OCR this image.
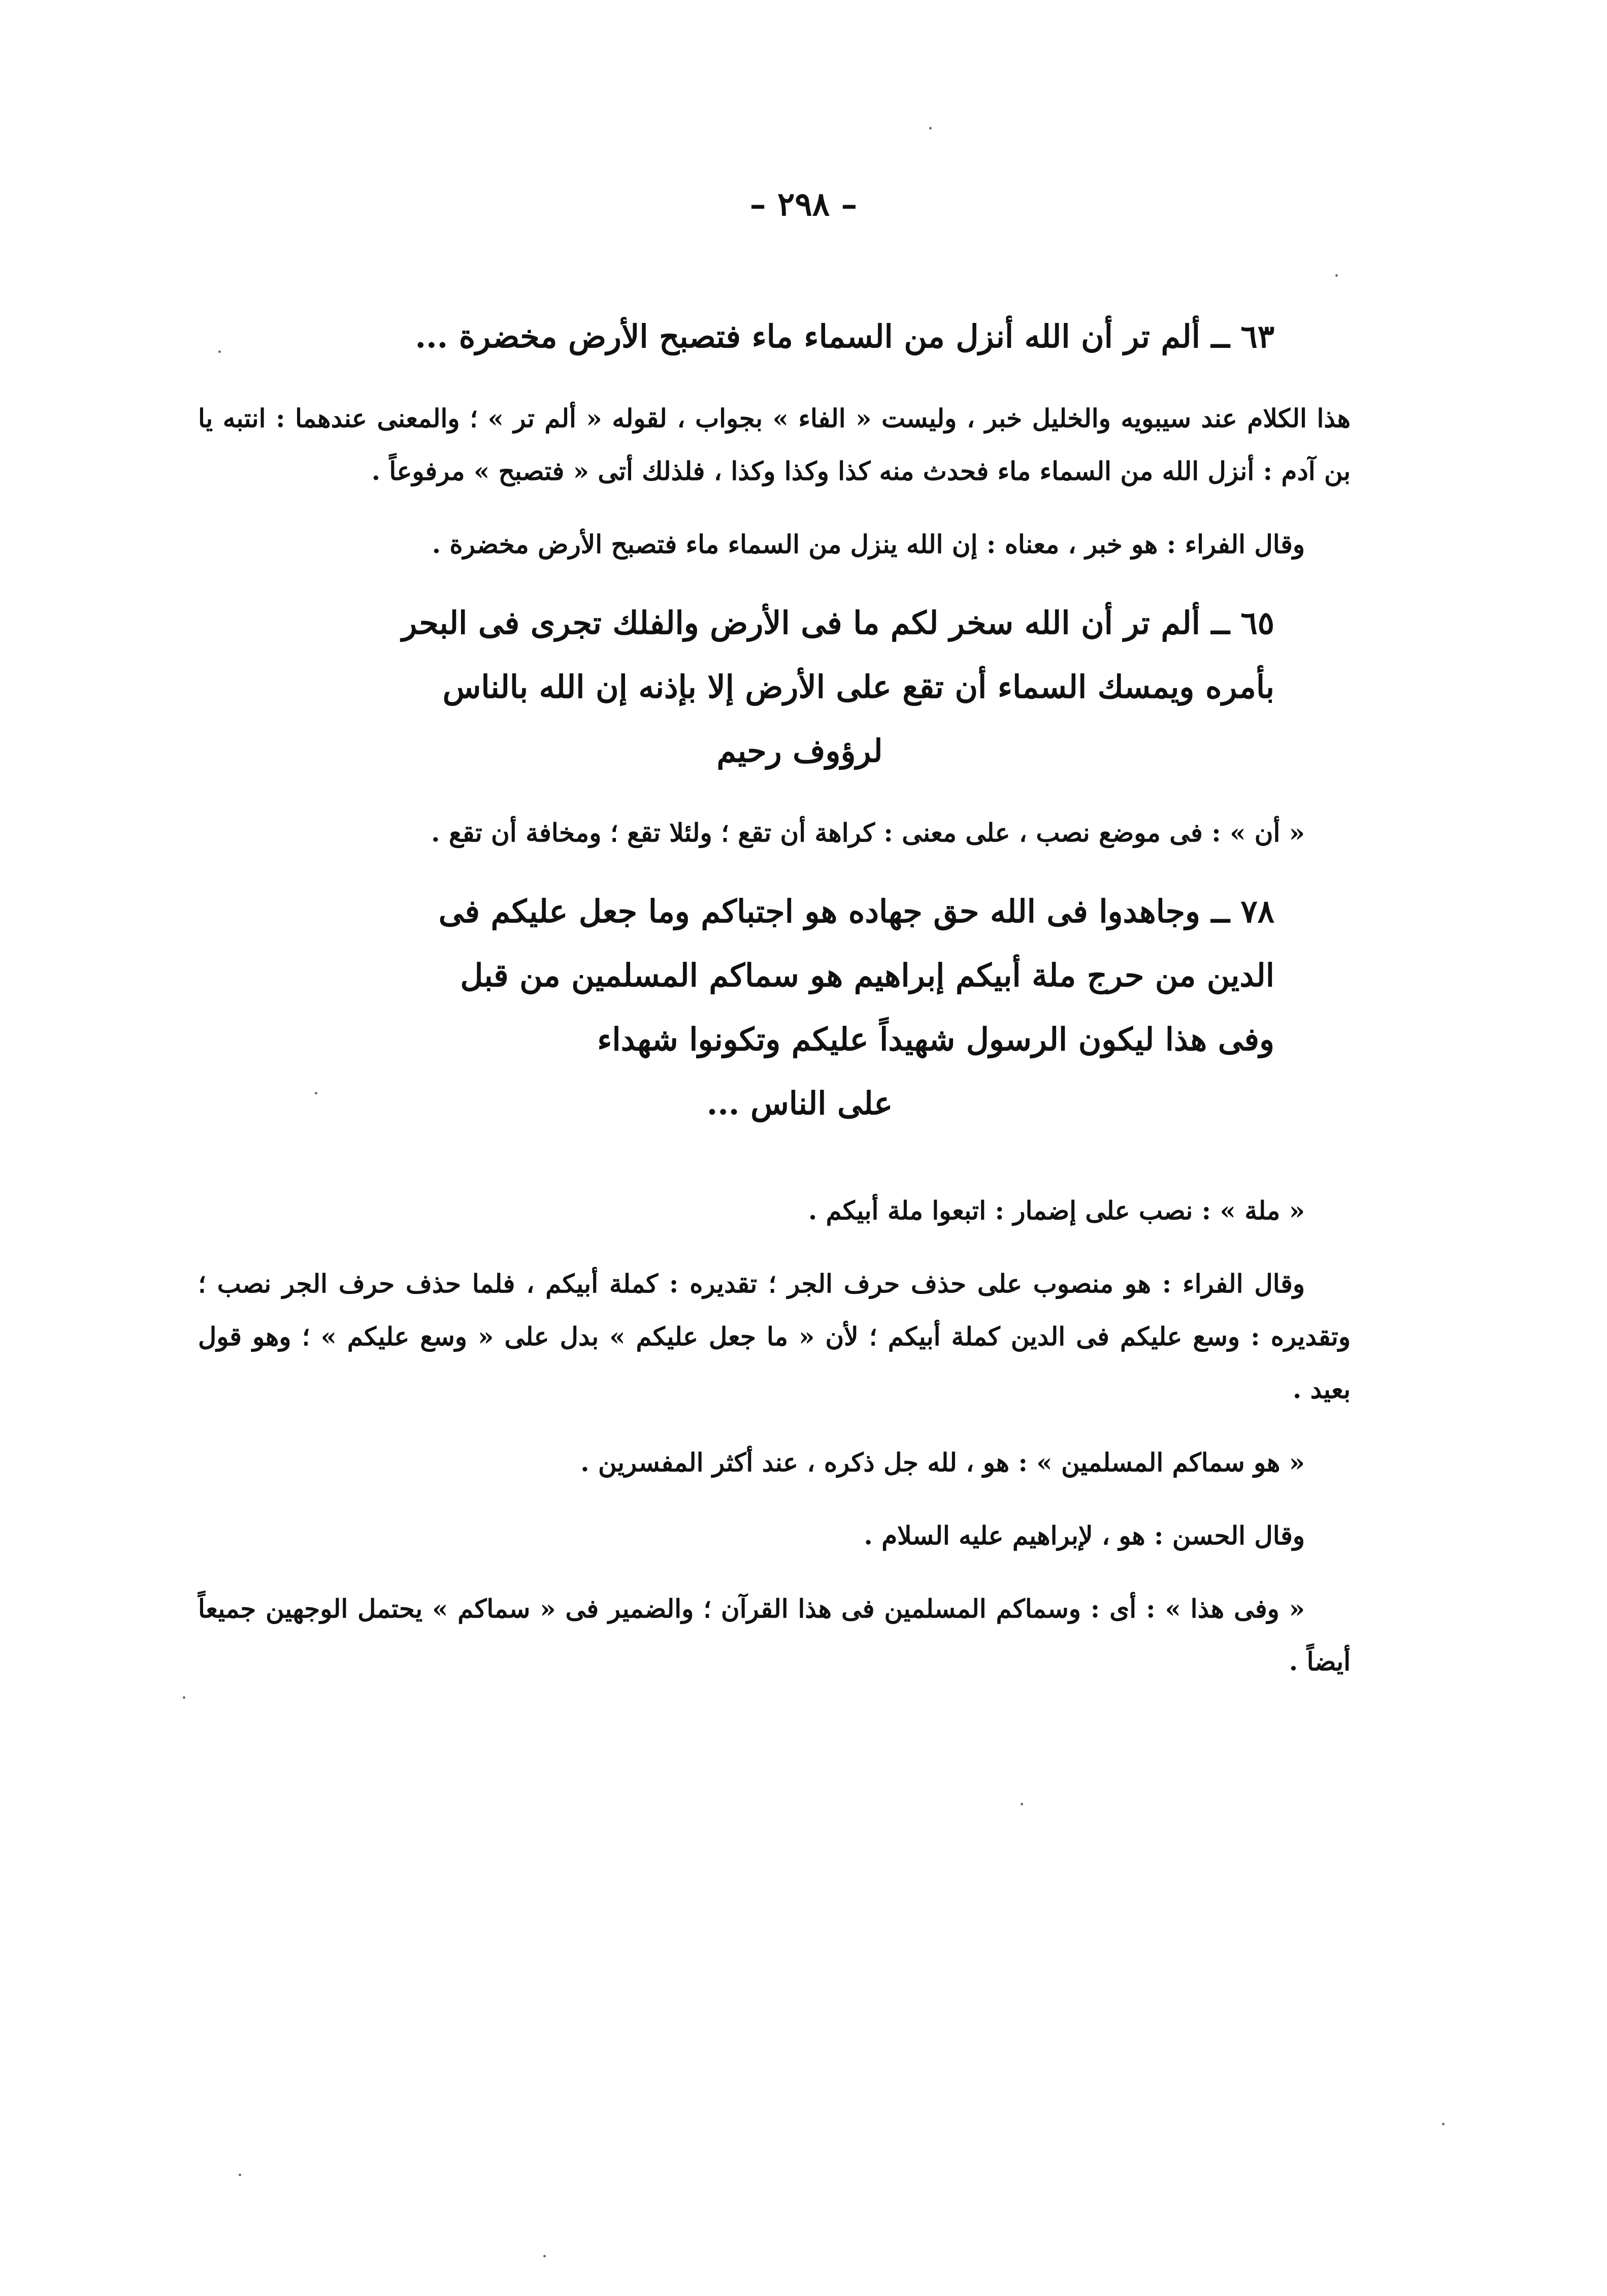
– ٢٩٨ –
٦٣ ــ ألم تر أن الله أنزل من السماء ماء فتصبح الأرض مخضرة ...

هذا الكلام عند سيبويه والخليل خبر ، وليست « الفاء » بجواب ، لقوله « ألم تر » ؛ والمعنى عندهما : انتبه يا بن آدم : أنزل الله من السماء ماء فحدث منه كذا وكذا وكذا ، فلذلك أتى « فتصبح » مرفوعاً .

وقال الفراء : هو خبر ، معناه : إن الله ينزل من السماء ماء فتصبح الأرض مخضرة .

٦٥ ــ ألم تر أن الله سخر لكم ما فى الأرض والفلك تجرى فى البحر
بأمره ويمسك السماء أن تقع على الأرض إلا بإذنه إن الله بالناس
لرؤوف رحيم

« أن » : فى موضع نصب ، على معنى : كراهة أن تقع ؛ ولئلا تقع ؛ ومخافة أن تقع .

٧٨ ــ وجاهدوا فى الله حق جهاده هو اجتباكم وما جعل عليكم فى
الدين من حرج ملة أبيكم إبراهيم هو سماكم المسلمين من قبل
وفى هذا ليكون الرسول شهيداً عليكم وتكونوا شهداء
على الناس ...

« ملة » : نصب على إضمار : اتبعوا ملة أبيكم .

وقال الفراء : هو منصوب على حذف حرف الجر ؛ تقديره : كملة أبيكم ، فلما حذف حرف الجر نصب ؛ وتقديره : وسع عليكم فى الدين كملة أبيكم ؛ لأن « ما جعل عليكم » بدل على « وسع عليكم » ؛ وهو قول بعيد .

« هو سماكم المسلمين » : هو ، لله جل ذكره ، عند أكثر المفسرين .

وقال الحسن : هو ، لإبراهيم عليه السلام .

« وفى هذا » : أى : وسماكم المسلمين فى هذا القرآن ؛ والضمير فى « سماكم » يحتمل الوجهين جميعاً أيضاً .
